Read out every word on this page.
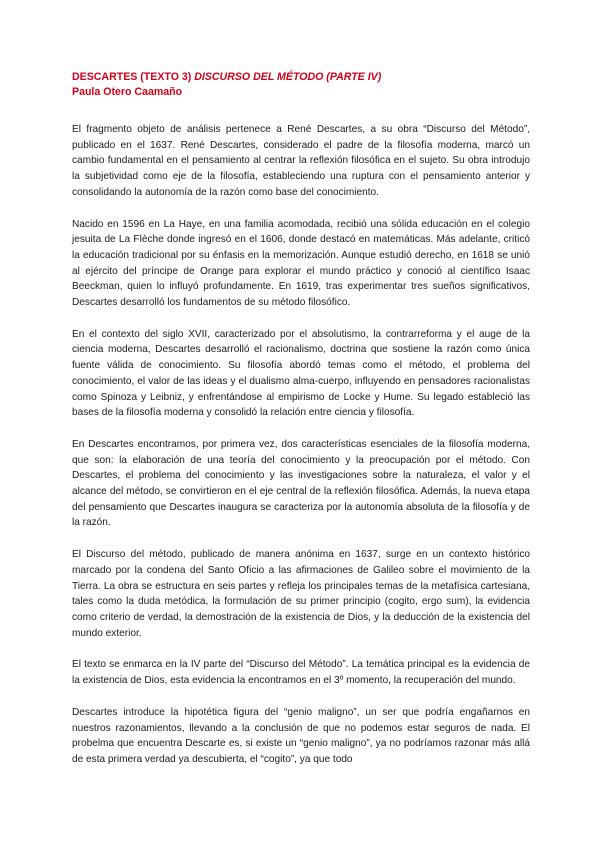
DESCARTES (TEXTO 3) DISCURSO DEL MÉTODO (PARTE IV)

Paula Otero Caamaño

El fragmento objeto de análisis pertenece a René Descartes, a su obra “Discurso del Método”, publicado en el 1637. René Descartes, considerado el padre de la filosofía moderna, marcó un cambio fundamental en el pensamiento al centrar la reflexión filosófica en el sujeto. Su obra introdujo la subjetividad como eje de la filosofía, estableciendo una ruptura con el pensamiento anterior y consolidando la autonomía de la razón como base del conocimiento.

Nacido en 1596 en La Haye, en una familia acomodada, recibió una sólida educación en el colegio jesuita de La Flèche donde ingresó en el 1606, donde destacó en matemáticas. Más adelante, criticó la educación tradicional por su énfasis en la memorización. Aunque estudió derecho, en 1618 se unió al ejército del príncipe de Orange para explorar el mundo práctico y conoció al científico Isaac Beeckman, quien lo influyó profundamente. En 1619, tras experimentar tres sueños significativos, Descartes desarrolló los fundamentos de su método filosófico.

En el contexto del siglo XVII, caracterizado por el absolutismo, la contrarreforma y el auge de la ciencia moderna, Descartes desarrolló el racionalismo, doctrina que sostiene la razón como única fuente válida de conocimiento. Su filosofía abordó temas como el método, el problema del conocimiento, el valor de las ideas y el dualismo alma-cuerpo, influyendo en pensadores racionalistas como Spinoza y Leibniz, y enfrentándose al empirismo de Locke y Hume. Su legado estableció las bases de la filosofía moderna y consolidó la relación entre ciencia y filosofía.

En Descartes encontramos, por primera vez, dos características esenciales de la filosofía moderna, que son: la elaboración de una teoría del conocimiento y la preocupación por el método. Con Descartes, el problema del conocimiento y las investigaciones sobre la naturaleza, el valor y el alcance del método, se convirtieron en el eje central de la reflexión filosófica. Además, la nueva etapa del pensamiento que Descartes inaugura se caracteriza por la autonomía absoluta de la filosofía y de la razón.

El Discurso del método, publicado de manera anónima en 1637, surge en un contexto histórico marcado por la condena del Santo Oficio a las afirmaciones de Galileo sobre el movimiento de la Tierra. La obra se estructura en seis partes y refleja los principales temas de la metafísica cartesiana, tales como la duda metódica, la formulación de su primer principio (cogito, ergo sum), la evidencia como criterio de verdad, la demostración de la existencia de Dios, y la deducción de la existencia del mundo exterior.

El texto se enmarca en la IV parte del “Discurso del Método”. La temática principal es la evidencia de la existencia de Dios, esta evidencia la encontramos en el 3º momento, la recuperación del mundo.

Descartes introduce la hipotética figura del “genio maligno”, un ser que podría engañarnos en nuestros razonamientos, llevando a la conclusión de que no podemos estar seguros de nada. El probelma que encuentra Descarte es, si existe un “genio maligno”, ya no podríamos razonar más allá de esta primera verdad ya descubierta, el “cogito”, ya que todo
